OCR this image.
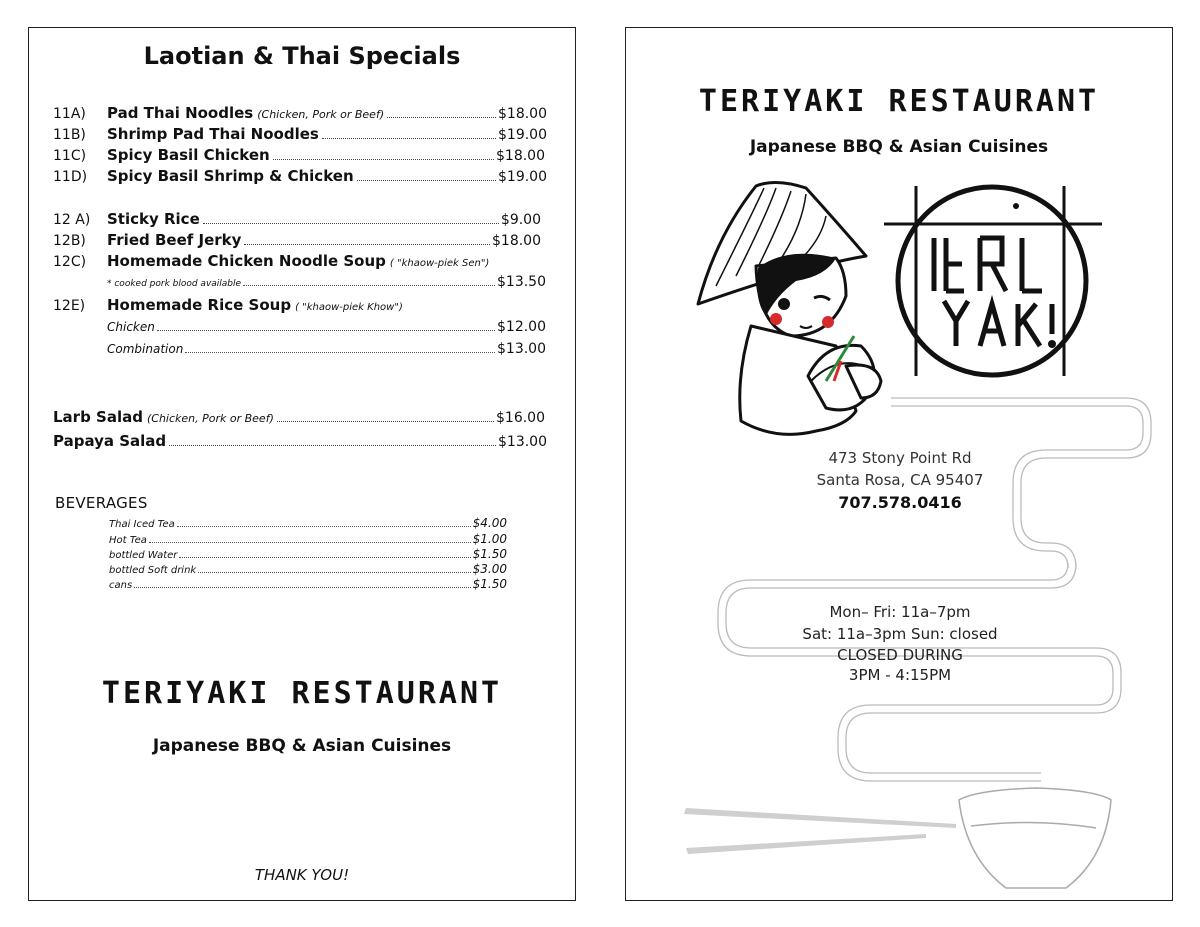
Laotian & Thai Specials
11A)	Pad Thai Noodles (Chicken, Pork or Beef)	$18.00
11B)	Shrimp Pad Thai Noodles	$19.00
11C)	Spicy Basil Chicken	$18.00
11D)	Spicy Basil Shrimp & Chicken	$19.00
12 A)	Sticky Rice	$9.00
12B)	Fried Beef Jerky	$18.00
12C)	Homemade Chicken Noodle Soup ( "khaow-piek Sen")
* cooked pork blood available	$13.50
12E)	Homemade Rice Soup ( "khaow-piek Khow")
Chicken	$12.00
Combination	$13.00
Larb Salad (Chicken, Pork or Beef)	$16.00
Papaya Salad	$13.00
BEVERAGES
Thai Iced Tea	$4.00
Hot Tea	$1.00
bottled Water	$1.50
bottled Soft drink	$3.00
cans	$1.50
TERIYAKI RESTAURANT
Japanese BBQ & Asian Cuisines
THANK YOU!
TERIYAKI RESTAURANT
Japanese BBQ & Asian Cuisines
473 Stony Point Rd
Santa Rosa, CA 95407
707.578.0416
Mon– Fri: 11a–7pm
Sat: 11a–3pm Sun: closed
CLOSED DURING
3PM - 4:15PM
